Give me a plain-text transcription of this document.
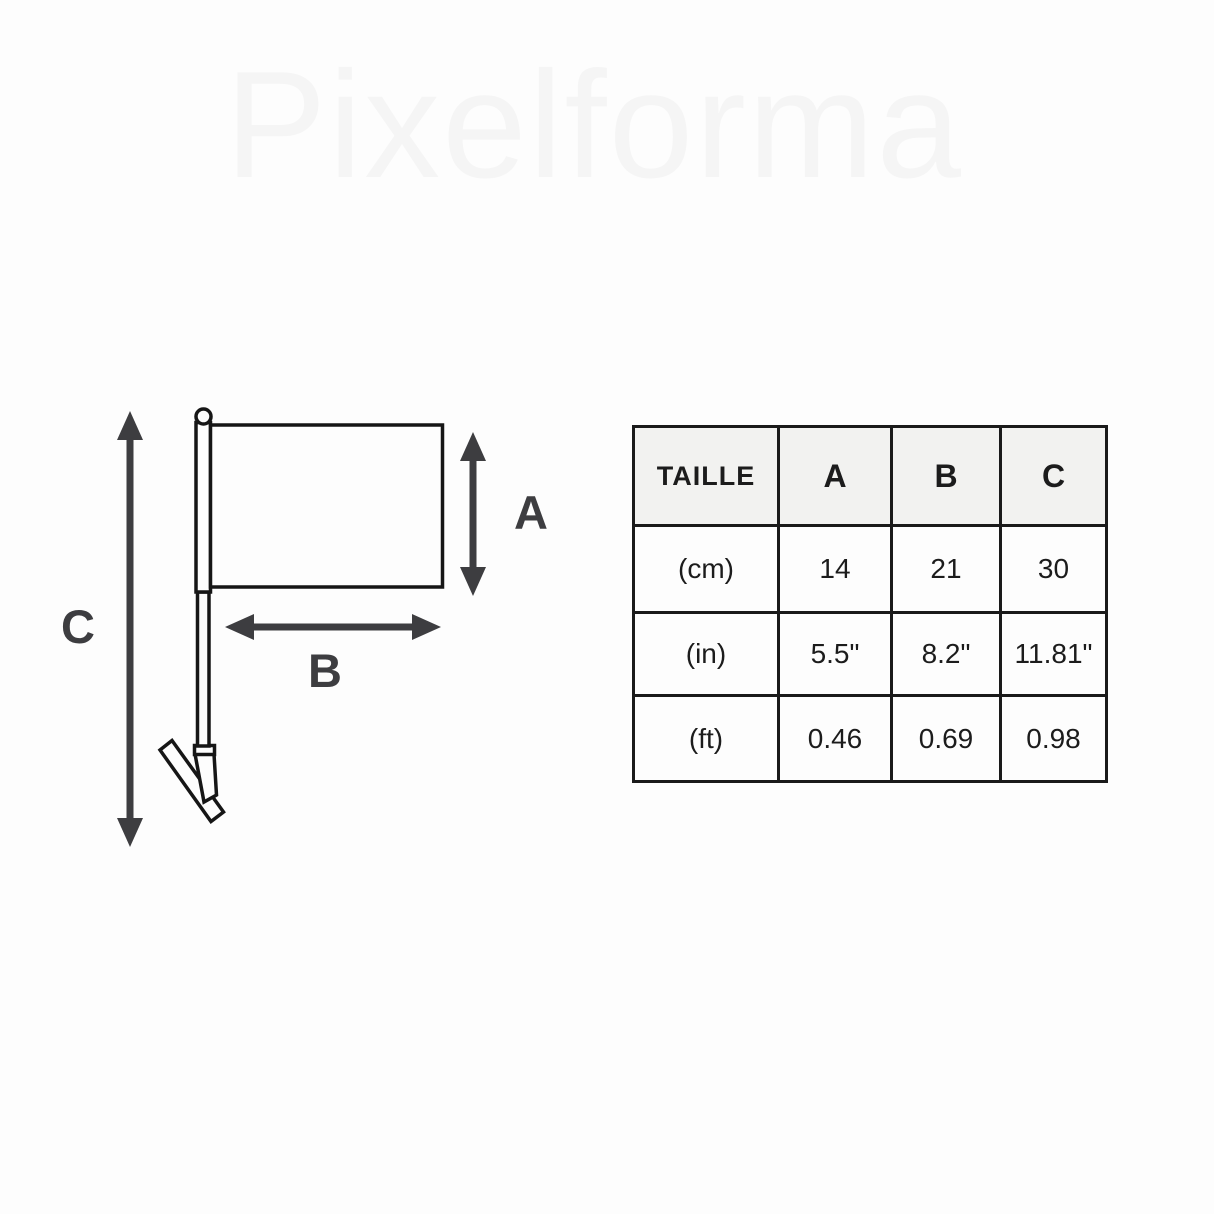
Pixelforma
C
A
B
TAILLE	A	B	C
(cm)	14	21	30
(in)	5.5"	8.2"	11.81"
(ft)	0.46	0.69	0.98
